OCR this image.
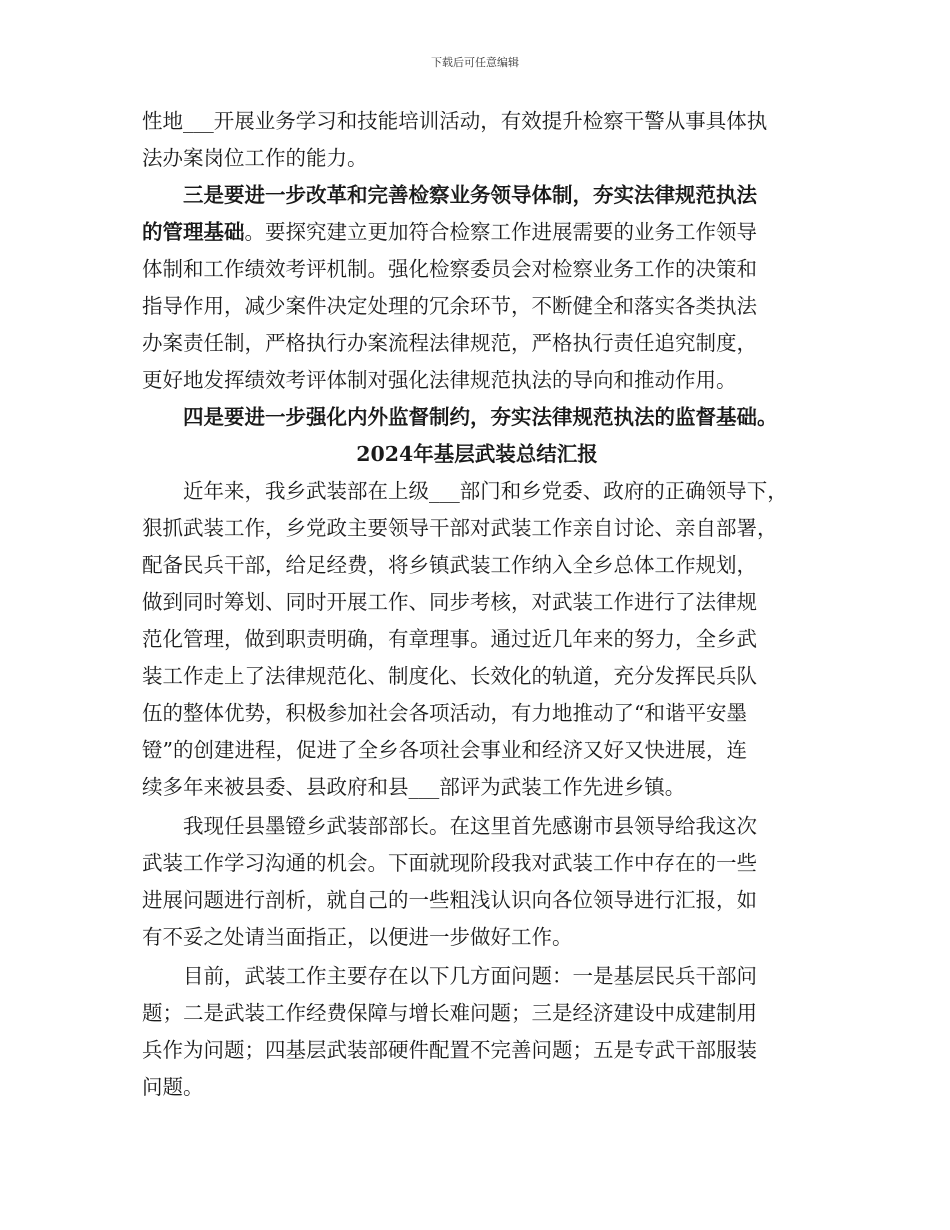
下载后可任意编辑
性地___开展业务学习和技能培训活动，有效提升检察干警从事具体执
法办案岗位工作的能力。
三是要进一步改革和完善检察业务领导体制，夯实法律规范执法
的管理基础。要探究建立更加符合检察工作进展需要的业务工作领导
体制和工作绩效考评机制。强化检察委员会对检察业务工作的决策和
指导作用，减少案件决定处理的冗余环节，不断健全和落实各类执法
办案责任制，严格执行办案流程法律规范，严格执行责任追究制度，
更好地发挥绩效考评体制对强化法律规范执法的导向和推动作用。
四是要进一步强化内外监督制约，夯实法律规范执法的监督基础。
2024年基层武装总结汇报
近年来，我乡武装部在上级___部门和乡党委、政府的正确领导下，
狠抓武装工作，乡党政主要领导干部对武装工作亲自讨论、亲自部署，
配备民兵干部，给足经费，将乡镇武装工作纳入全乡总体工作规划，
做到同时筹划、同时开展工作、同步考核，对武装工作进行了法律规
范化管理，做到职责明确，有章理事。通过近几年来的努力，全乡武
装工作走上了法律规范化、制度化、长效化的轨道，充分发挥民兵队
伍的整体优势，积极参加社会各项活动，有力地推动了“和谐平安墨
镫”的创建进程，促进了全乡各项社会事业和经济又好又快进展，连
续多年来被县委、县政府和县___部评为武装工作先进乡镇。
我现任县墨镫乡武装部部长。在这里首先感谢市县领导给我这次
武装工作学习沟通的机会。下面就现阶段我对武装工作中存在的一些
进展问题进行剖析，就自己的一些粗浅认识向各位领导进行汇报，如
有不妥之处请当面指正，以便进一步做好工作。
目前，武装工作主要存在以下几方面问题：一是基层民兵干部问
题；二是武装工作经费保障与增长难问题；三是经济建设中成建制用
兵作为问题；四基层武装部硬件配置不完善问题；五是专武干部服装
问题。
